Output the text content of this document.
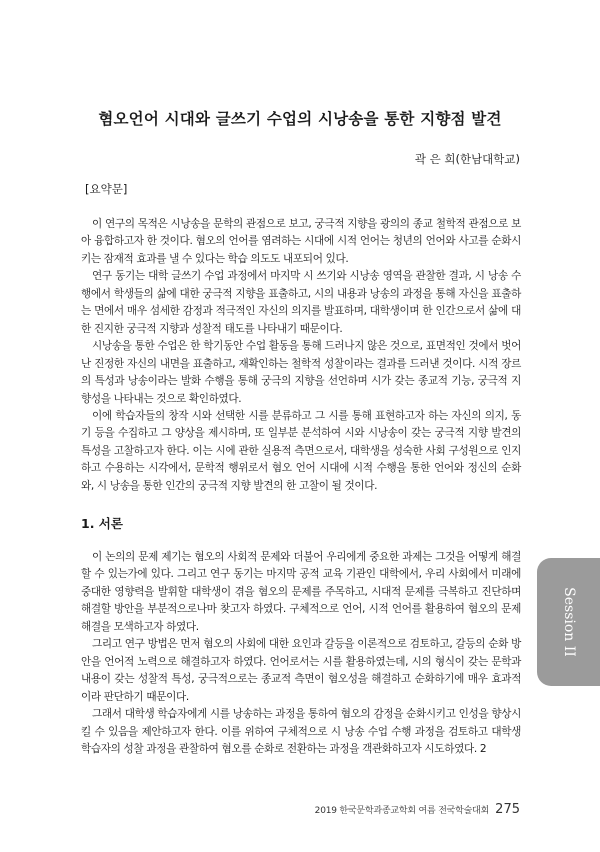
혐오언어 시대와 글쓰기 수업의 시낭송을 통한 지향점 발견
곽 은 희(한남대학교)
[요약문]

이 연구의 목적은 시낭송을 문학의 관점으로 보고, 궁극적 지향을 광의의 종교 철학적 관점으로 보아 융합하고자 한 것이다. 혐오의 언어를 염려하는 시대에 시적 언어는 청년의 언어와 사고를 순화시키는 잠재적 효과를 낼 수 있다는 학습 의도도 내포되어 있다.

연구 동기는 대학 글쓰기 수업 과정에서 마지막 시 쓰기와 시낭송 영역을 관찰한 결과, 시 낭송 수행에서 학생들의 삶에 대한 궁극적 지향을 표출하고, 시의 내용과 낭송의 과정을 통해 자신을 표출하는 면에서 매우 섬세한 감정과 적극적인 자신의 의지를 발표하며, 대학생이며 한 인간으로서 삶에 대한 진지한 궁극적 지향과 성찰적 태도를 나타내기 때문이다.

시낭송을 통한 수업은 한 학기동안 수업 활동을 통해 드러나지 않은 것으로, 표면적인 것에서 벗어난 진정한 자신의 내면을 표출하고, 재확인하는 철학적 성찰이라는 결과를 드러낸 것이다. 시적 장르의 특성과 낭송이라는 발화 수행을 통해 궁극의 지향을 선언하며 시가 갖는 종교적 기능, 궁극적 지향성을 나타내는 것으로 확인하였다.

이에 학습자들의 창작 시와 선택한 시를 분류하고 그 시를 통해 표현하고자 하는 자신의 의지, 동기 등을 수집하고 그 양상을 제시하며, 또 일부분 분석하여 시와 시낭송이 갖는 궁극적 지향 발견의 특성을 고찰하고자 한다. 이는 시에 관한 실용적 측면으로서, 대학생을 성숙한 사회 구성원으로 인지하고 수용하는 시각에서, 문학적 행위로서 혐오 언어 시대에 시적 수행을 통한 언어와 정신의 순화와, 시 낭송을 통한 인간의 궁극적 지향 발견의 한 고찰이 될 것이다.

1. 서론

이 논의의 문제 제기는 혐오의 사회적 문제와 더불어 우리에게 중요한 과제는 그것을 어떻게 해결할 수 있는가에 있다. 그리고 연구 동기는 마지막 공적 교육 기관인 대학에서, 우리 사회에서 미래에 중대한 영향력을 발휘할 대학생이 겪을 혐오의 문제를 주목하고, 시대적 문제를 극복하고 진단하며 해결할 방안을 부분적으로나마 찾고자 하였다. 구체적으로 언어, 시적 언어를 활용하여 혐오의 문제 해결을 모색하고자 하였다.

그리고 연구 방법은 먼저 혐오의 사회에 대한 요인과 갈등을 이론적으로 검토하고, 갈등의 순화 방안을 언어적 노력으로 해결하고자 하였다. 언어로서는 시를 활용하였는데, 시의 형식이 갖는 문학과 내용이 갖는 성찰적 특성, 궁극적으로는 종교적 측면이 혐오성을 해결하고 순화하기에 매우 효과적이라 판단하기 때문이다.

그래서 대학생 학습자에게 시를 낭송하는 과정을 통하여 혐오의 감정을 순화시키고 인성을 향상시킬 수 있음을 제안하고자 한다. 이를 위하여 구체적으로 시 낭송 수업 수행 과정을 검토하고 대학생 학습자의 성찰 과정을 관찰하여 혐오를 순화로 전환하는 과정을 객관화하고자 시도하였다. 2

Session II
2019 한국문학과종교학회 여름 전국학술대회 275
